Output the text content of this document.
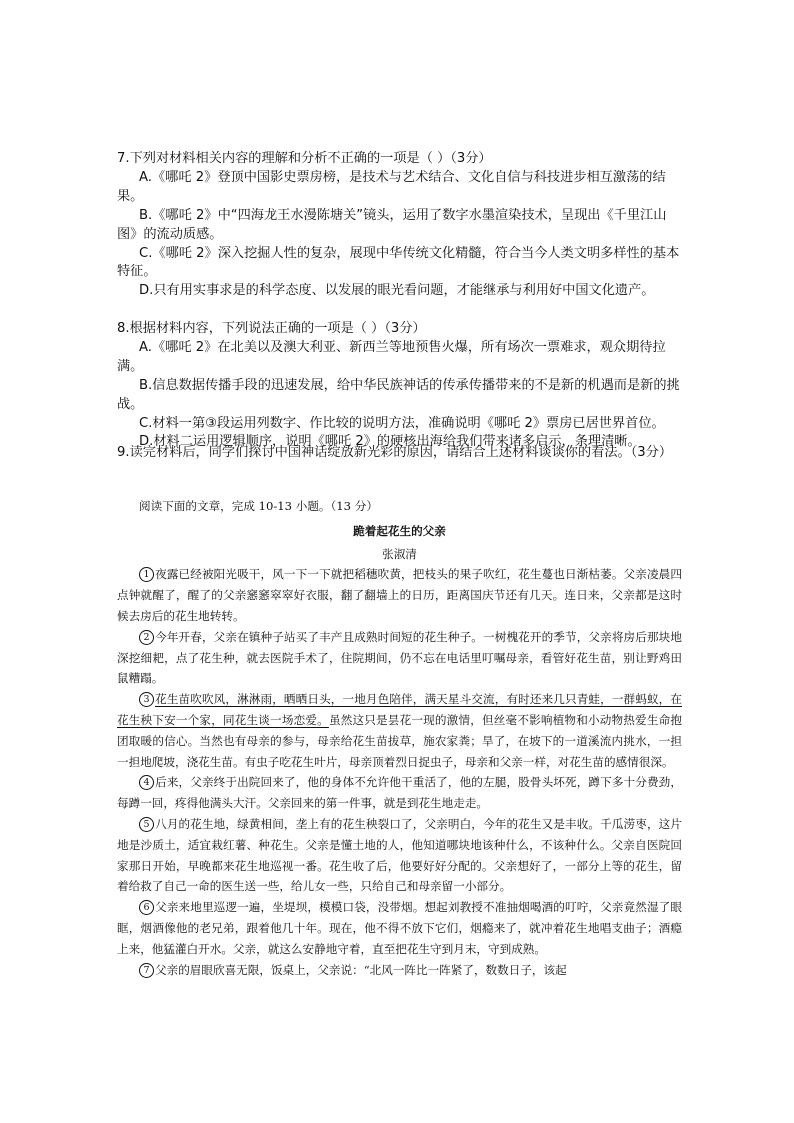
7.下列对材料相关内容的理解和分析不正确的一项是（ ）（3分）

A.《哪吒 2》登顶中国影史票房榜，是技术与艺术结合、文化自信与科技进步相互激荡的结果。

B.《哪吒 2》中“四海龙王水漫陈塘关”镜头，运用了数字水墨渲染技术，呈现出《千里江山图》的流动质感。

C.《哪吒 2》深入挖掘人性的复杂，展现中华传统文化精髓，符合当今人类文明多样性的基本特征。

D.只有用实事求是的科学态度、以发展的眼光看问题，才能继承与利用好中国文化遗产。

8.根据材料内容，下列说法正确的一项是（ ）（3分）

A.《哪吒 2》在北美以及澳大利亚、新西兰等地预售火爆，所有场次一票难求，观众期待拉满。

B.信息数据传播手段的迅速发展，给中华民族神话的传承传播带来的不是新的机遇而是新的挑战。

C.材料一第③段运用列数字、作比较的说明方法，准确说明《哪吒 2》票房已居世界首位。

D.材料二运用逻辑顺序，说明《哪吒 2》的硬核出海给我们带来诸多启示，条理清晰。

9.读完材料后，同学们探讨中国神话绽放新光彩的原因，请结合上述材料谈谈你的看法。（3分）

阅读下面的文章，完成 10-13 小题。（13 分）

跪着起花生的父亲

张淑清

1 夜露已经被阳光吸干，风一下一下就把稻穗吹黄，把枝头的果子吹红，花生蔓也日渐枯萎。父亲凌晨四点钟就醒了，醒了的父亲窸窸窣窣好衣服，翻了翻墙上的日历，距离国庆节还有几天。连日来，父亲都是这时候去房后的花生地转转。

2 今年开春，父亲在镇种子站买了丰产且成熟时间短的花生种子。一树槐花开的季节，父亲将房后那块地深挖细耙，点了花生种，就去医院手术了，住院期间，仍不忘在电话里叮嘱母亲，看管好花生苗，别让野鸡田鼠糟蹋。

3 花生苗吹吹风，淋淋雨，晒晒日头，一地月色陪伴，满天星斗交流，有时还来几只青蛙，一群蚂蚁，在花生秧下安一个家，同花生谈一场恋爱。虽然这只是昙花一现的激情，但丝毫不影响植物和小动物热爱生命抱团取暖的信心。当然也有母亲的参与，母亲给花生苗拔草，施农家粪；旱了，在坡下的一道溪流内挑水，一担一担地爬坡，浇花生苗。有虫子吃花生叶片，母亲顶着烈日捉虫子，母亲和父亲一样，对花生苗的感情很深。

4 后来，父亲终于出院回来了，他的身体不允许他干重活了，他的左腿，股骨头坏死，蹲下多十分费劲，每蹲一回，疼得他满头大汗。父亲回来的第一件事，就是到花生地走走。

5 八月的花生地，绿黄相间，垄上有的花生秧裂口了，父亲明白，今年的花生又是丰收。千瓜涝枣，这片地是沙质土，适宜栽红薯、种花生。父亲是懂土地的人，他知道哪块地该种什么，不该种什么。父亲自医院回家那日开始，早晚都来花生地巡视一番。花生收了后，他要好好分配的。父亲想好了，一部分上等的花生，留着给救了自己一命的医生送一些，给儿女一些，只给自己和母亲留一小部分。

6 父亲来地里巡逻一遍，坐堤坝，模模口袋，没带烟。想起刘教授不准抽烟喝酒的叮咛，父亲竟然湿了眼眶，烟酒像他的老兄弟，跟着他几十年。现在，他不得不放下它们，烟瘾来了，就冲着花生地唱支曲子；酒瘾上来，他猛灌白开水。父亲，就这么安静地守着，直至把花生守到月末，守到成熟。

7 父亲的眉眼欣喜无限，饭桌上，父亲说：“北风一阵比一阵紧了，数数日子，该起
